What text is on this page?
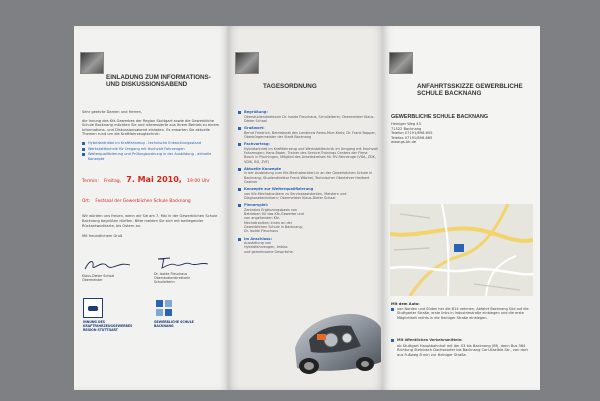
EINLADUNG ZUM INFORMATIONS- UND DISKUSSIONSABEND
Sehr geehrte Damen und Herren,
die Innung des Kfz-Gewerbes der Region Stuttgart sowie die Gewerbliche Schule Backnang möchten Sie und interessierte aus Ihrem Betrieb zu einem Informations- und Diskussionsabend einladen. Es erwarten Sie aktuelle Themen rund um die Kraftfahrzeugtechnik:
Hybridantriebe im Kraftfahrzeug - technische Entwicklungsstand
Werkstatttechnik für Umgang mit Hochvolt Fahrzeugen
Weiterqualifizierung und Prüfungsordnung in der Ausbildung - aktuelle Konzepte
Termin: Freitag, 7. Mai 2010, 19:00 Uhr
Ort: Festsaal der Gewerblichen Schule Backnang
Wir würden uns freuen, wenn wir Sie am 7. Mai in der Gewerblichen Schule Backnang begrüßen dürften. Bitte melden Sie sich mit beiliegender Rückantwortkarte, bis Ostern an.
Mit freundlichem Gruß
Klaus-Dieter Schaal
Obermeister
Dr. Isolde Fleuchaus
Oberstudiendirektorin
Schulleiterin
INNUNG DES KRAFTFAHRZEUGGEWERBES REGION STUTTGART
GEWERBLICHE SCHULE BACKNANG
TAGESORDNUNG
Begrüßung:
Oberstudiendirektorin Dr. Isolde Fleuchaus, Schulleiterin; Obermeister Klaus-Dieter Schaal
Grußwort:
Bernd Friedrich, Betriebsrat des Landkreis Rems-Murr-Kreis; Dr. Frank Nopper, Oberbürgermeister der Stadt Backnang
Fachvortrag:
Hybridantrieb im Kraftfahrzeug und Werkstatttechnik im Umgang mit Hochvolt Fahrzeugen; Hans Bader, Trainer des Service-Trainings Centers der Firma Bosch in Plochingen, Mitglied des Arbeitskreises für HV-Fahrzeuge (VDA, ZDK, VDIK, BG, ZVF)
Aktuelle Konzepte
in der Ausbildung zum Kfz-Mechatroniker/-in an der Gewerblichen Schule in Backnang; Studiendirektor Frank Wächel, Technischer Oberlehrer Heribert Gastner
Konzepte zur Weiterqualifizierung
von Kfz-Mechatronikern zu Serviceassistenten, Meistern und Diagnosetechnikern; Obermeister Klaus-Dieter Schaal
Plenarspiel:
Zentrales Ergänzungsbasis von Betrieben für das Kfz-Gewerbe und von angehenden Kfz-Mechatroniker/-innen an der Gewerblichen Schule in Backnang; Dr. Isolde Fleuchaus
Im Anschluss:
Ausstellung von Hybridfahrzeugen, Imbiss und gemeinsame Gespräche.
ANFAHRTSSKIZZE GEWERBLICHE SCHULE BACKNANG
GEWERBLICHE SCHULE BACKNANG
Heiniger Weg 43
71522 Backnang
Telefon 07191/896-605
Telefax 07191/896-665
www.gs-bk.de
Mit dem Auto:
von Norden und Süden her die B14 nehmen, Abfahrt Backnang Süd auf die Stuttgarter Straße, erste links in Industriestraße einbiegen und die erste Möglichkeit rechts in die Heiniger Straße einbiegen.
Mit öffentlichen Verkehrsmitteln:
ab Stuttgart Hauptbahnhof mit der S3 bis Backnang (Bf), dann Bus 364 Richtung Steinbach Dachsdorfer bis Backnang Carl-Kaelble-Str., von dort aus Fußweg 8 min zur Heiniger Straße.
